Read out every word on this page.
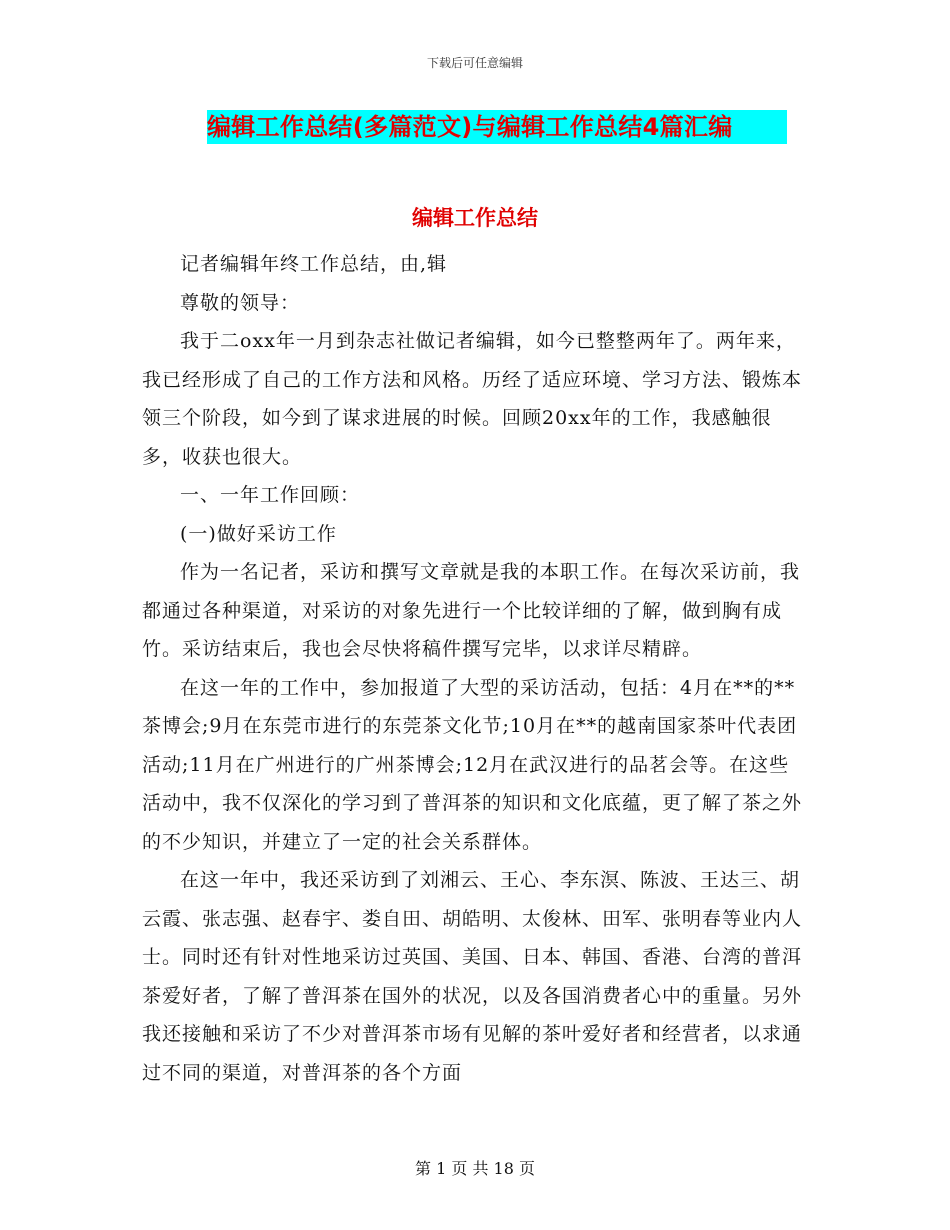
下载后可任意编辑
编辑工作总结(多篇范文)与编辑工作总结4篇汇编
编辑工作总结

记者编辑年终工作总结，由,辑

尊敬的领导：

我于二oxx年一月到杂志社做记者编辑，如今已整整两年了。两年来，我已经形成了自己的工作方法和风格。历经了适应环境、学习方法、锻炼本领三个阶段，如今到了谋求进展的时候。回顾20xx年的工作，我感触很多，收获也很大。

一、一年工作回顾：

(一)做好采访工作

作为一名记者，采访和撰写文章就是我的本职工作。在每次采访前，我都通过各种渠道，对采访的对象先进行一个比较详细的了解，做到胸有成竹。采访结束后，我也会尽快将稿件撰写完毕，以求详尽精辟。

在这一年的工作中，参加报道了大型的采访活动，包括：4月在**的**茶博会;9月在东莞市进行的东莞茶文化节;10月在**的越南国家茶叶代表团活动;11月在广州进行的广州茶博会;12月在武汉进行的品茗会等。在这些活动中，我不仅深化的学习到了普洱茶的知识和文化底蕴，更了解了茶之外的不少知识，并建立了一定的社会关系群体。

在这一年中，我还采访到了刘湘云、王心、李东溟、陈波、王达三、胡云霞、张志强、赵春宇、娄自田、胡皓明、太俊林、田军、张明春等业内人士。同时还有针对性地采访过英国、美国、日本、韩国、香港、台湾的普洱茶爱好者，了解了普洱茶在国外的状况，以及各国消费者心中的重量。另外我还接触和采访了不少对普洱茶市场有见解的茶叶爱好者和经营者，以求通过不同的渠道，对普洱茶的各个方面

第 1 页 共 18 页
